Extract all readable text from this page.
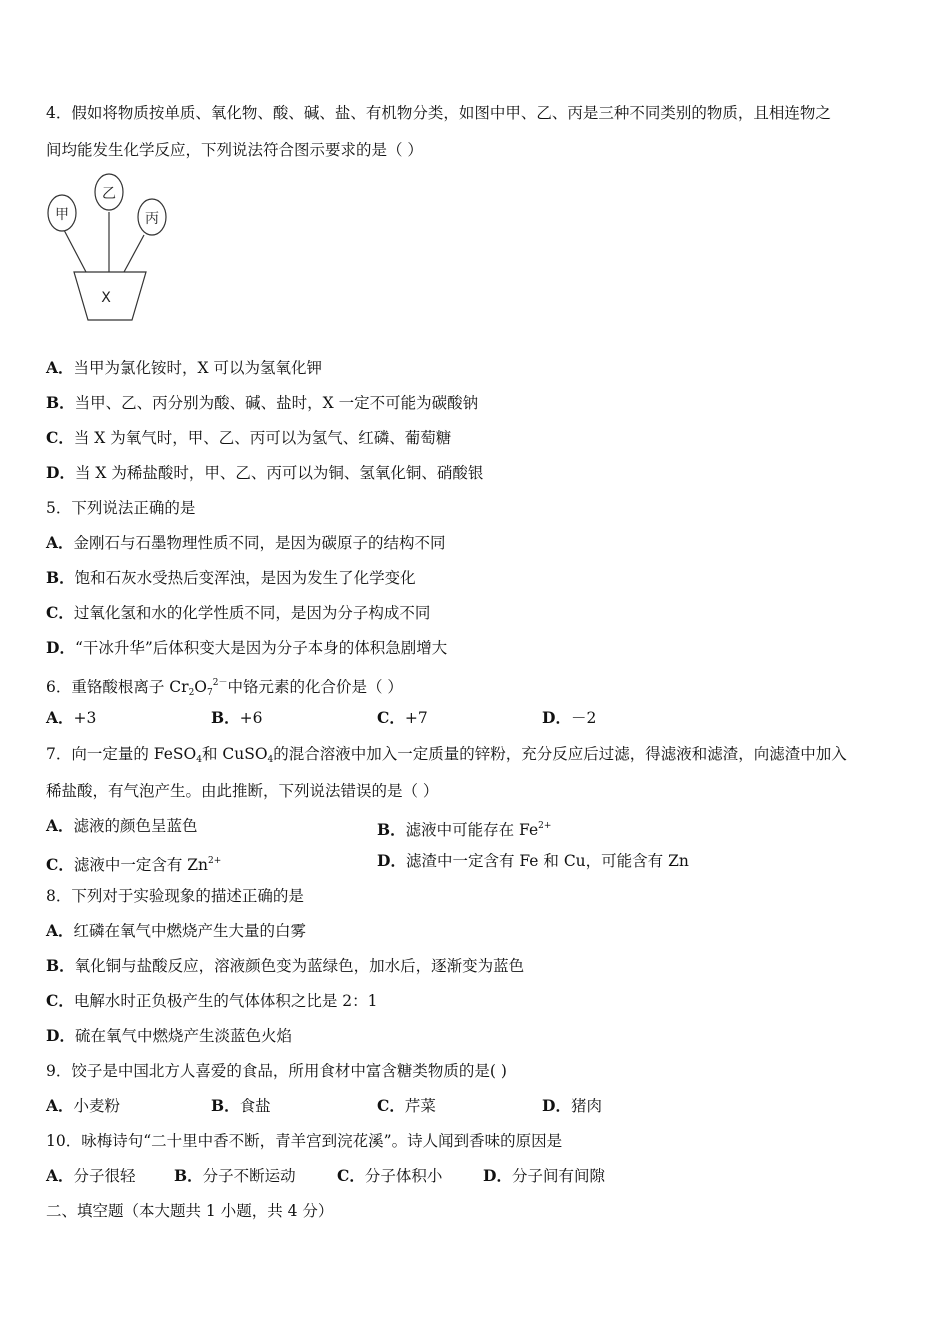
4．假如将物质按单质、氧化物、酸、碱、盐、有机物分类，如图中甲、乙、丙是三种不同类别的物质，且相连物之
间均能发生化学反应，下列说法符合图示要求的是（ ）
甲
乙
丙
X
A．当甲为氯化铵时，X 可以为氢氧化钾
B．当甲、乙、丙分别为酸、碱、盐时，X 一定不可能为碳酸钠
C．当 X 为氧气时，甲、乙、丙可以为氢气、红磷、葡萄糖
D．当 X 为稀盐酸时，甲、乙、丙可以为铜、氢氧化铜、硝酸银
5．下列说法正确的是
A．金刚石与石墨物理性质不同，是因为碳原子的结构不同
B．饱和石灰水受热后变浑浊，是因为发生了化学变化
C．过氧化氢和水的化学性质不同，是因为分子构成不同
D．“干冰升华”后体积变大是因为分子本身的体积急剧增大
6．重铬酸根离子 $Cr_2O_7^{2-}$中铬元素的化合价是（ ）
A．+3	B．+6	C．+7	D．－2
7．向一定量的 FeSO$_4$和 CuSO$_4$的混合溶液中加入一定质量的锌粉，充分反应后过滤，得滤液和滤渣，向滤渣中加入
稀盐酸，有气泡产生。由此推断，下列说法错误的是（ ）
A．滤液的颜色呈蓝色	B．滤液中可能存在 $Fe^{2+}$
C．滤液中一定含有 $Zn^{2+}$	D．滤渣中一定含有 Fe 和 Cu，可能含有 Zn
8．下列对于实验现象的描述正确的是
A．红磷在氧气中燃烧产生大量的白雾
B．氧化铜与盐酸反应，溶液颜色变为蓝绿色，加水后，逐渐变为蓝色
C．电解水时正负极产生的气体体积之比是 2：1
D．硫在氧气中燃烧产生淡蓝色火焰
9．饺子是中国北方人喜爱的食品，所用食材中富含糖类物质的是( )
A．小麦粉	B．食盐	C．芹菜	D．猪肉
10．咏梅诗句“二十里中香不断，青羊宫到浣花溪”。诗人闻到香味的原因是
A．分子很轻 B．分子不断运动	C．分子体积小	D．分子间有间隙
二、填空题（本大题共 1 小题，共 4 分）
